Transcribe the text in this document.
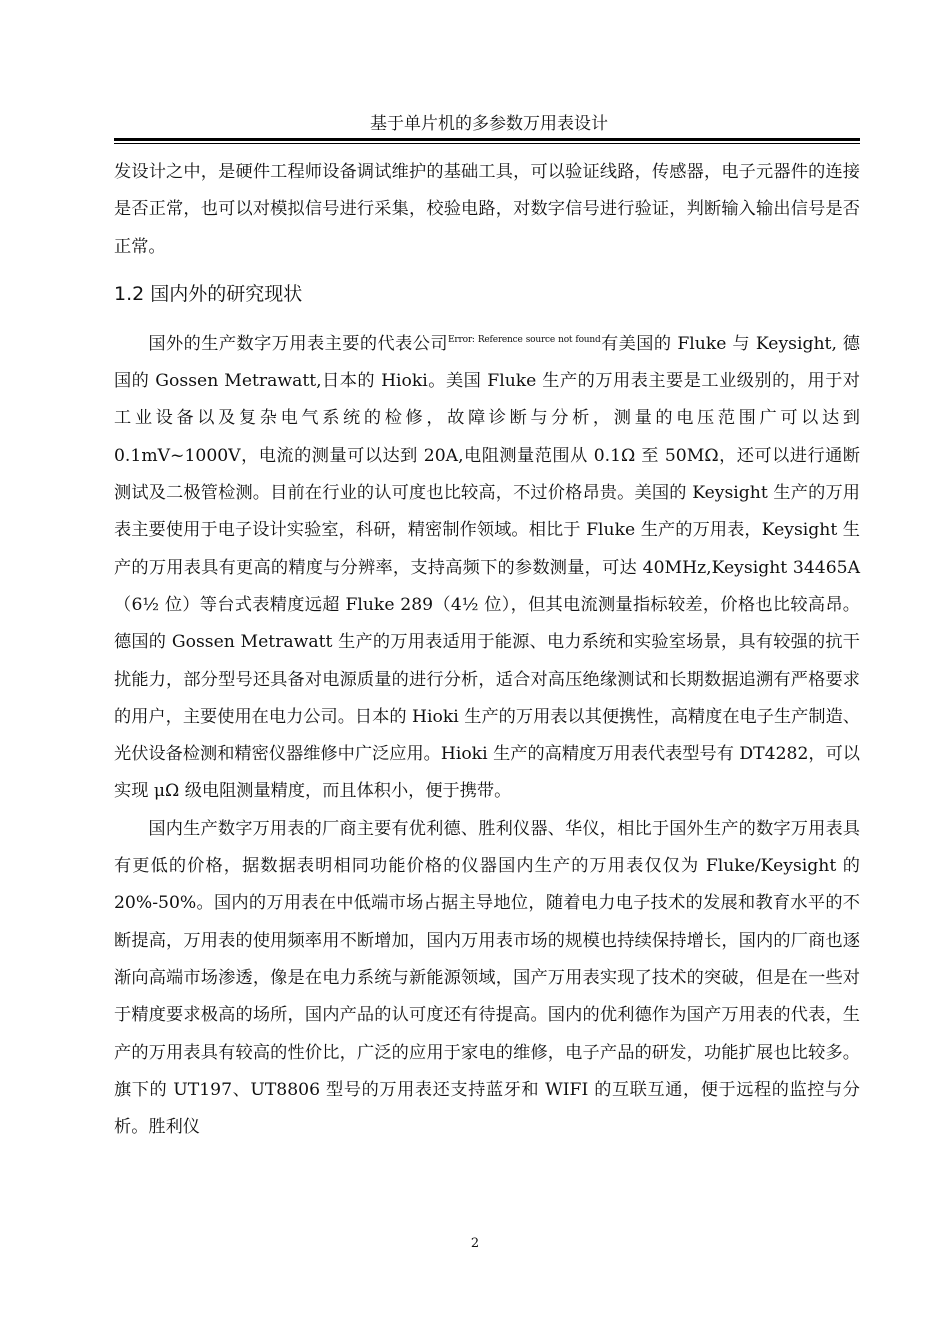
基于单片机的多参数万用表设计

发设计之中，是硬件工程师设备调试维护的基础工具，可以验证线路，传感器，电子元器件的连接是否正常，也可以对模拟信号进行采集，校验电路，对数字信号进行验证，判断输入输出信号是否正常。

1.2 国内外的研究现状

国外的生产数字万用表主要的代表公司$^{Error: Reference source not found}$有美国的 Fluke 与 Keysight, 德国的 Gossen Metrawatt,日本的 Hioki。美国 Fluke 生产的万用表主要是工业级别的，用于对工业设备以及复杂电气系统的检修，故障诊断与分析，测量的电压范围广可以达到 0.1mV~1000V，电流的测量可以达到 20A,电阻测量范围从 0.1Ω 至 50MΩ，还可以进行通断测试及二极管检测。目前在行业的认可度也比较高，不过价格昂贵。美国的 Keysight 生产的万用表主要使用于电子设计实验室，科研，精密制作领域。相比于 Fluke 生产的万用表，Keysight 生产的万用表具有更高的精度与分辨率，支持高频下的参数测量，可达 40MHz,Keysight 34465A（6½ 位）等台式表精度远超 Fluke 289（4½ 位），但其电流测量指标较差，价格也比较高昂。德国的 Gossen Metrawatt 生产的万用表适用于能源、电力系统和实验室场景，具有较强的抗干扰能力，部分型号还具备对电源质量的进行分析，适合对高压绝缘测试和长期数据追溯有严格要求的用户，主要使用在电力公司。日本的 Hioki 生产的万用表以其便携性，高精度在电子生产制造、光伏设备检测和精密仪器维修中广泛应用。Hioki 生产的高精度万用表代表型号有 DT4282，可以实现 μΩ 级电阻测量精度，而且体积小，便于携带。

国内生产数字万用表的厂商主要有优利德、胜利仪器、华仪，相比于国外生产的数字万用表具有更低的价格，据数据表明相同功能价格的仪器国内生产的万用表仅仅为 Fluke/Keysight 的 20%-50%。国内的万用表在中低端市场占据主导地位，随着电力电子技术的发展和教育水平的不断提高，万用表的使用频率用不断增加，国内万用表市场的规模也持续保持增长，国内的厂商也逐渐向高端市场渗透，像是在电力系统与新能源领域，国产万用表实现了技术的突破，但是在一些对于精度要求极高的场所，国内产品的认可度还有待提高。国内的优利德作为国产万用表的代表，生产的万用表具有较高的性价比，广泛的应用于家电的维修，电子产品的研发，功能扩展也比较多。旗下的 UT197、UT8806 型号的万用表还支持蓝牙和 WIFI 的互联互通，便于远程的监控与分析。胜利仪

2
